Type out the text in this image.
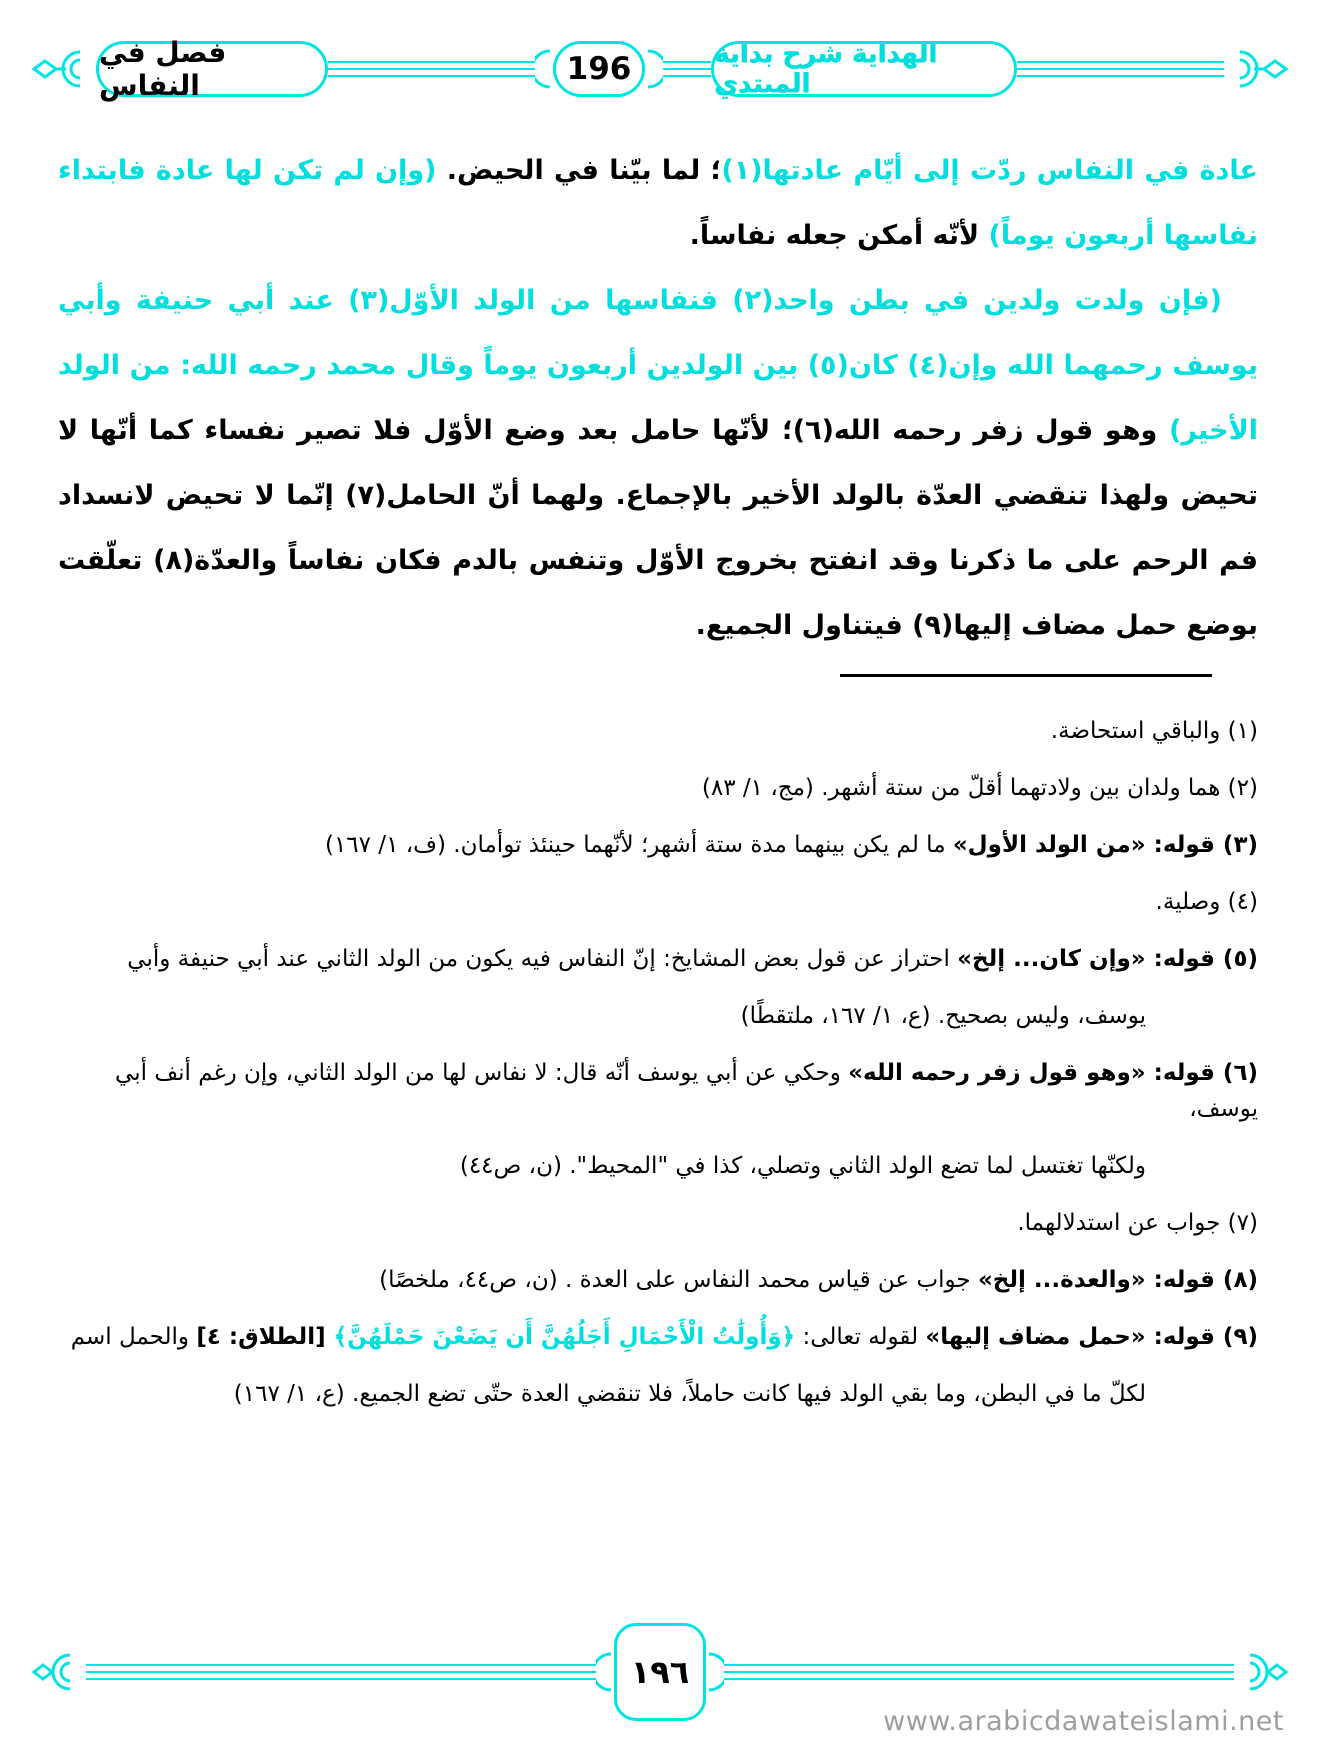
فصل في النفاس	196	الهداية شرح بداية المبتدي

عادة في النفاس ردّت إلى أيّام عادتها(١)؛ لما بيّنا في الحيض. (وإن لم تكن لها عادة فابتداء نفاسها أربعون يوماً) لأنّه أمكن جعله نفاساً.

(فإن ولدت ولدين في بطن واحد(٢) فنفاسها من الولد الأوّل(٣) عند أبي حنيفة وأبي يوسف رحمهما الله وإن(٤) كان(٥) بين الولدين أربعون يوماً وقال محمد رحمه الله: من الولد الأخير) وهو قول زفر رحمه الله(٦)؛ لأنّها حامل بعد وضع الأوّل فلا تصير نفساء كما أنّها لا تحيض ولهذا تنقضي العدّة بالولد الأخير بالإجماع. ولهما أنّ الحامل(٧) إنّما لا تحيض لانسداد فم الرحم على ما ذكرنا وقد انفتح بخروج الأوّل وتنفس بالدم فكان نفاساً والعدّة(٨) تعلّقت بوضع حمل مضاف إليها(٩) فيتناول الجميع.

(١) والباقي استحاضة.
(٢) هما ولدان بين ولادتهما أقلّ من ستة أشهر. (مج، ١/ ٨٣)
(٣) قوله: «من الولد الأول» ما لم يكن بينهما مدة ستة أشهر؛ لأنّهما حينئذ توأمان. (ف، ١/ ١٦٧)
(٤) وصلية.
(٥) قوله: «وإن كان... إلخ» احتراز عن قول بعض المشايخ: إنّ النفاس فيه يكون من الولد الثاني عند أبي حنيفة وأبي
يوسف، وليس بصحيح. (ع، ١/ ١٦٧، ملتقطًا)
(٦) قوله: «وهو قول زفر رحمه الله» وحكي عن أبي يوسف أنّه قال: لا نفاس لها من الولد الثاني، وإن رغم أنف أبي يوسف،
ولكنّها تغتسل لما تضع الولد الثاني وتصلي، كذا في "المحيط". (ن، ص٤٤)
(٧) جواب عن استدلالهما.
(٨) قوله: «والعدة... إلخ» جواب عن قياس محمد النفاس على العدة . (ن، ص٤٤، ملخصًا)
(٩) قوله: «حمل مضاف إليها» لقوله تعالى: ﴿وَأُولَٰتُ الْأَحْمَالِ أَجَلُهُنَّ أَن يَضَعْنَ حَمْلَهُنَّ﴾ [الطلاق: ٤] والحمل اسم
لكلّ ما في البطن، وما بقي الولد فيها كانت حاملاً، فلا تنقضي العدة حتّى تضع الجميع. (ع، ١/ ١٦٧)
١٩٦
www.arabicdawateislami.net
